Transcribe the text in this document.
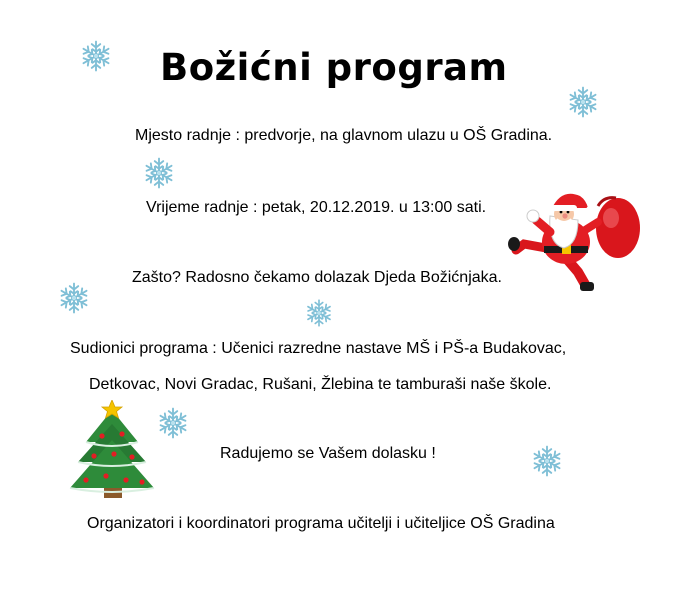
Božićni program
Mjesto radnje : predvorje, na glavnom ulazu u OŠ Gradina.
Vrijeme radnje : petak, 20.12.2019. u 13:00 sati.
Zašto? Radosno čekamo dolazak Djeda Božićnjaka.
Sudionici programa : Učenici razredne nastave MŠ i PŠ-a Budakovac,
Detkovac, Novi Gradac, Rušani, Žlebina te tamburaši naše škole.
Radujemo se Vašem dolasku !
Organizatori i koordinatori programa učitelji i učiteljice OŠ Gradina
